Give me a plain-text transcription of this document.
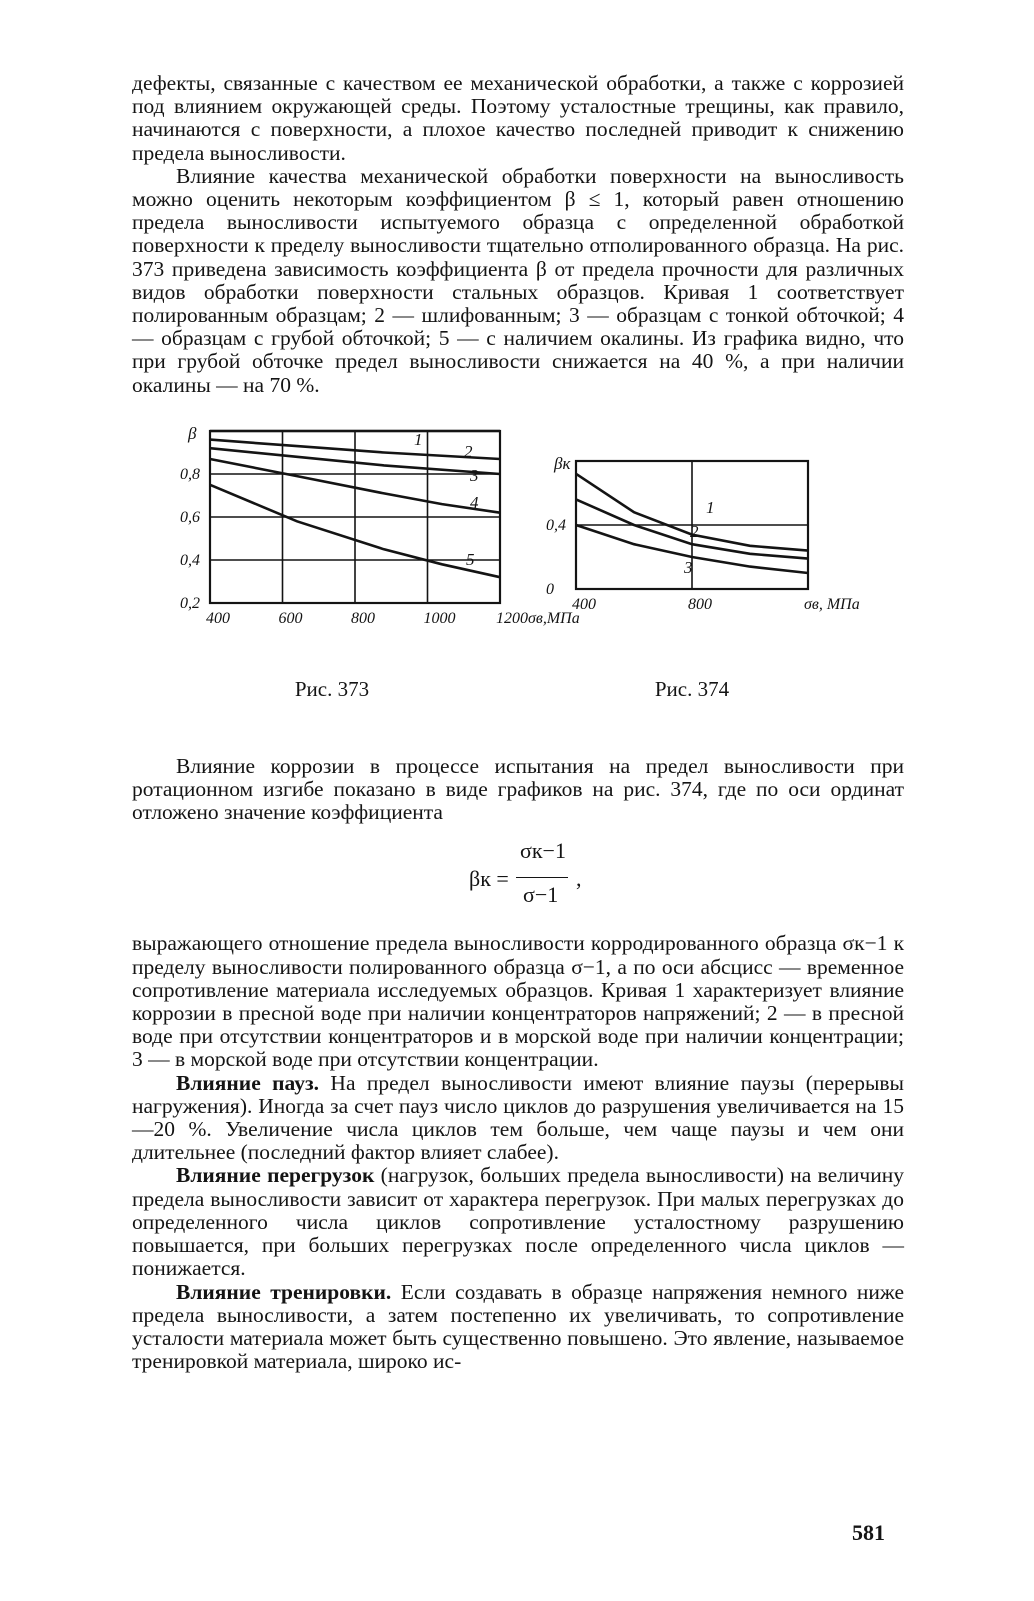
дефекты, связанные с качеством ее механической обработки, а также с коррозией под влиянием окружающей среды. Поэтому усталостные трещины, как правило, начинаются с поверхности, а плохое качество последней приводит к снижению предела выносливости.

Влияние качества механической обработки поверхности на выносливость можно оценить некоторым коэффициентом β ≤ 1, который равен отношению предела выносливости испытуемого образца с определенной обработкой поверхности к пределу выносливости тщательно отполированного образца. На рис. 373 приведена зависимость коэффициента β от предела прочности для различных видов обработки поверхности стальных образцов. Кривая 1 соответствует полированным образцам; 2 — шлифованным; 3 — образцам с тонкой обточкой; 4 — образцам с грубой обточкой; 5 — с наличием окалины. Из графика видно, что при грубой обточке предел выносливости снижается на 40 %, а при наличии окалины — на 70 %.

1
2
3
4
5
400	600	800	1000	1200σв,МПа
0,8
0,6
0,4
0,2
β
Рис. 373
1
2
3
400	800	σв, МПа
0,4
0
βк
Рис. 374

Влияние коррозии в процессе испытания на предел выносливости при ротационном изгибе показано в виде графиков на рис. 374, где по оси ординат отложено значение коэффициента

βк =
σк−1
σ−1
,

выражающего отношение предела выносливости корродированного образца σк−1 к пределу выносливости полированного образца σ−1, а по оси абсцисс — временное сопротивление материала исследуемых образцов. Кривая 1 характеризует влияние коррозии в пресной воде при наличии концентраторов напряжений; 2 — в пресной воде при отсутствии концентраторов и в морской воде при наличии концентрации; 3 — в морской воде при отсутствии концентрации.

Влияние пауз. На предел выносливости имеют влияние паузы (перерывы нагружения). Иногда за счет пауз число циклов до разрушения увеличивается на 15—20 %. Увеличение числа циклов тем больше, чем чаще паузы и чем они длительнее (последний фактор влияет слабее).

Влияние перегрузок (нагрузок, больших предела выносливости) на величину предела выносливости зависит от характера перегрузок. При малых перегрузках до определенного числа циклов сопротивление усталостному разрушению повышается, при больших перегрузках после определенного числа циклов — понижается.

Влияние тренировки. Если создавать в образце напряжения немного ниже предела выносливости, а затем постепенно их увеличивать, то сопротивление усталости материала может быть существенно повышено. Это явление, называемое тренировкой материала, широко ис-

581
